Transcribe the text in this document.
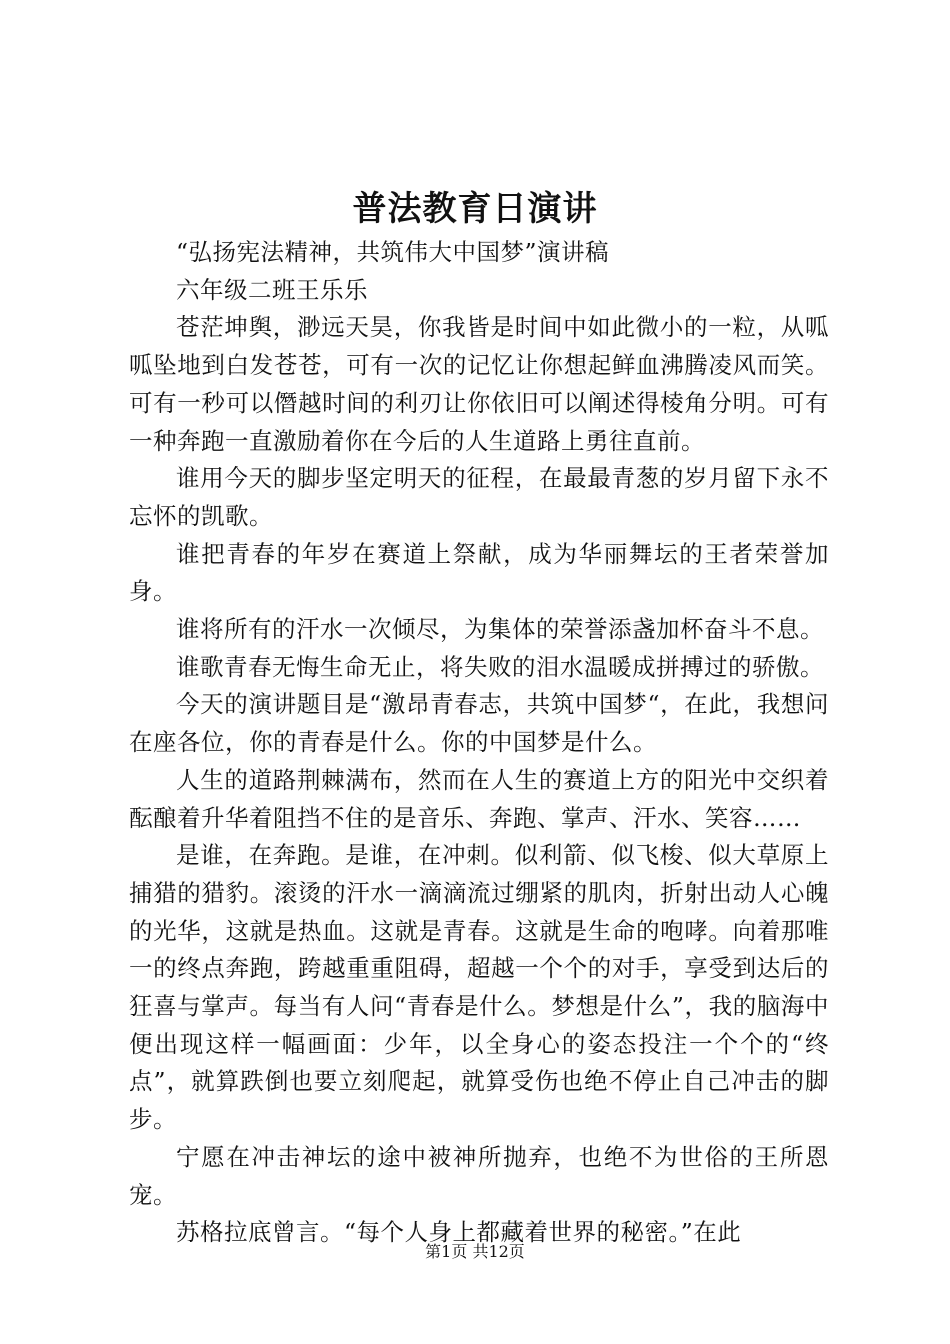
普法教育日演讲

“弘扬宪法精神，共筑伟大中国梦”演讲稿

六年级二班王乐乐

苍茫坤舆，渺远天昊，你我皆是时间中如此微小的一粒，从呱呱坠地到白发苍苍，可有一次的记忆让你想起鲜血沸腾凌风而笑。可有一秒可以僭越时间的利刃让你依旧可以阐述得棱角分明。可有一种奔跑一直激励着你在今后的人生道路上勇往直前。

谁用今天的脚步坚定明天的征程，在最最青葱的岁月留下永不忘怀的凯歌。

谁把青春的年岁在赛道上祭献，成为华丽舞坛的王者荣誉加身。

谁将所有的汗水一次倾尽，为集体的荣誉添盏加杯奋斗不息。

谁歌青春无悔生命无止，将失败的泪水温暖成拼搏过的骄傲。

今天的演讲题目是“激昂青春志，共筑中国梦“，在此，我想问在座各位，你的青春是什么。你的中国梦是什么。

人生的道路荆棘满布，然而在人生的赛道上方的阳光中交织着酝酿着升华着阻挡不住的是音乐、奔跑、掌声、汗水、笑容……

是谁，在奔跑。是谁，在冲刺。似利箭、似飞梭、似大草原上捕猎的猎豹。滚烫的汗水一滴滴流过绷紧的肌肉，折射出动人心魄的光华，这就是热血。这就是青春。这就是生命的咆哮。向着那唯一的终点奔跑，跨越重重阻碍，超越一个个的对手，享受到达后的狂喜与掌声。每当有人问“青春是什么。梦想是什么”，我的脑海中便出现这样一幅画面：少年，以全身心的姿态投注一个个的“终点”，就算跌倒也要立刻爬起，就算受伤也绝不停止自己冲击的脚步。

宁愿在冲击神坛的途中被神所抛弃，也绝不为世俗的王所恩宠。

苏格拉底曾言。“每个人身上都藏着世界的秘密。”在此

第1页 共12页
